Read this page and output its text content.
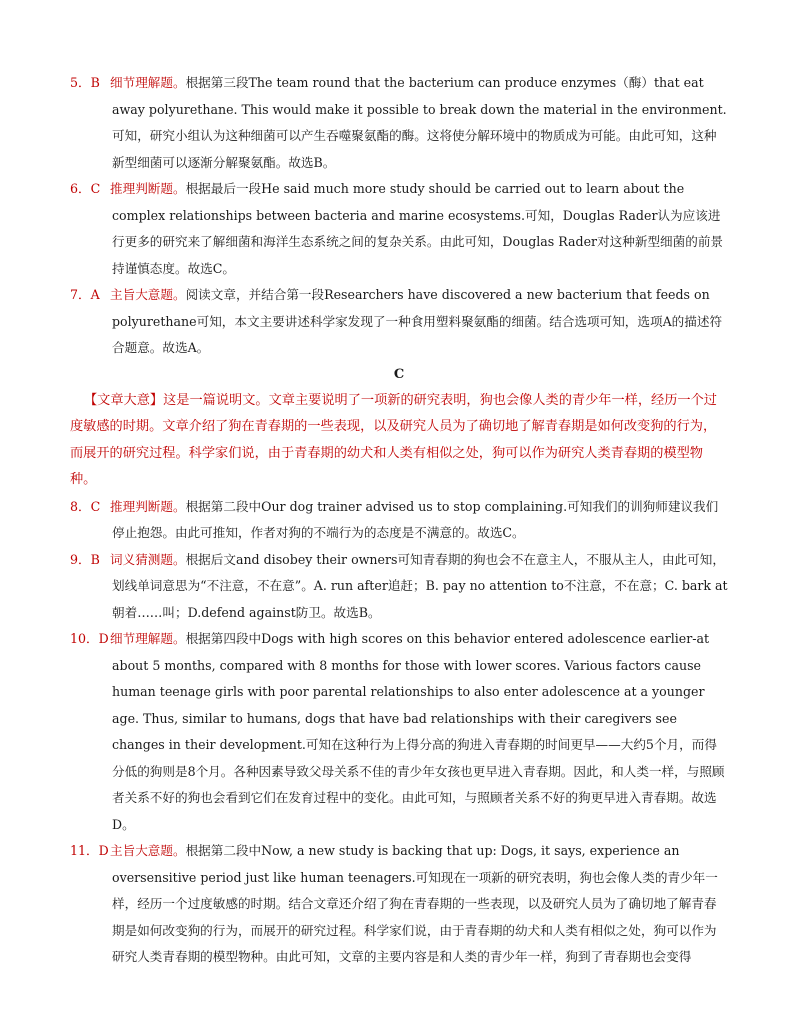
5．B 细节理解题。根据第三段The team round that the bacterium can produce enzymes（酶）that eat away polyurethane. This would make it possible to break down the material in the environment.可知，研究小组认为这种细菌可以产生吞噬聚氨酯的酶。这将使分解环境中的物质成为可能。由此可知，这种新型细菌可以逐渐分解聚氨酯。故选B。
6．C 推理判断题。根据最后一段He said much more study should be carried out to learn about the complex relationships between bacteria and marine ecosystems.可知，Douglas Rader认为应该进行更多的研究来了解细菌和海洋生态系统之间的复杂关系。由此可知，Douglas Rader对这种新型细菌的前景持谨慎态度。故选C。
7．A 主旨大意题。阅读文章，并结合第一段Researchers have discovered a new bacterium that feeds on polyurethane可知，本文主要讲述科学家发现了一种食用塑料聚氨酯的细菌。结合选项可知，选项A的描述符合题意。故选A。

C

【文章大意】这是一篇说明文。文章主要说明了一项新的研究表明，狗也会像人类的青少年一样，经历一个过度敏感的时期。文章介绍了狗在青春期的一些表现，以及研究人员为了确切地了解青春期是如何改变狗的行为，而展开的研究过程。科学家们说，由于青春期的幼犬和人类有相似之处，狗可以作为研究人类青春期的模型物种。

8．C 推理判断题。根据第二段中Our dog trainer advised us to stop complaining.可知我们的训狗师建议我们停止抱怨。由此可推知，作者对狗的不端行为的态度是不满意的。故选C。
9．B 词义猜测题。根据后文and disobey their owners可知青春期的狗也会不在意主人，不服从主人，由此可知，划线单词意思为“不注意，不在意”。A. run after追赶；B. pay no attention to不注意，不在意；C. bark at朝着……叫；D.defend against防卫。故选B。
10．D细节理解题。根据第四段中Dogs with high scores on this behavior entered adolescence earlier-at about 5 months, compared with 8 months for those with lower scores. Various factors cause human teenage girls with poor parental relationships to also enter adolescence at a younger age. Thus, similar to humans, dogs that have bad relationships with their caregivers see changes in their development.可知在这种行为上得分高的狗进入青春期的时间更早——大约5个月，而得分低的狗则是8个月。各种因素导致父母关系不佳的青少年女孩也更早进入青春期。因此，和人类一样，与照顾者关系不好的狗也会看到它们在发育过程中的变化。由此可知，与照顾者关系不好的狗更早进入青春期。故选D。
11．D主旨大意题。根据第二段中Now, a new study is backing that up: Dogs, it says, experience an oversensitive period just like human teenagers.可知现在一项新的研究表明，狗也会像人类的青少年一样，经历一个过度敏感的时期。结合文章还介绍了狗在青春期的一些表现，以及研究人员为了确切地了解青春期是如何改变狗的行为，而展开的研究过程。科学家们说，由于青春期的幼犬和人类有相似之处，狗可以作为研究人类青春期的模型物种。由此可知，文章的主要内容是和人类的青少年一样，狗到了青春期也会变得
